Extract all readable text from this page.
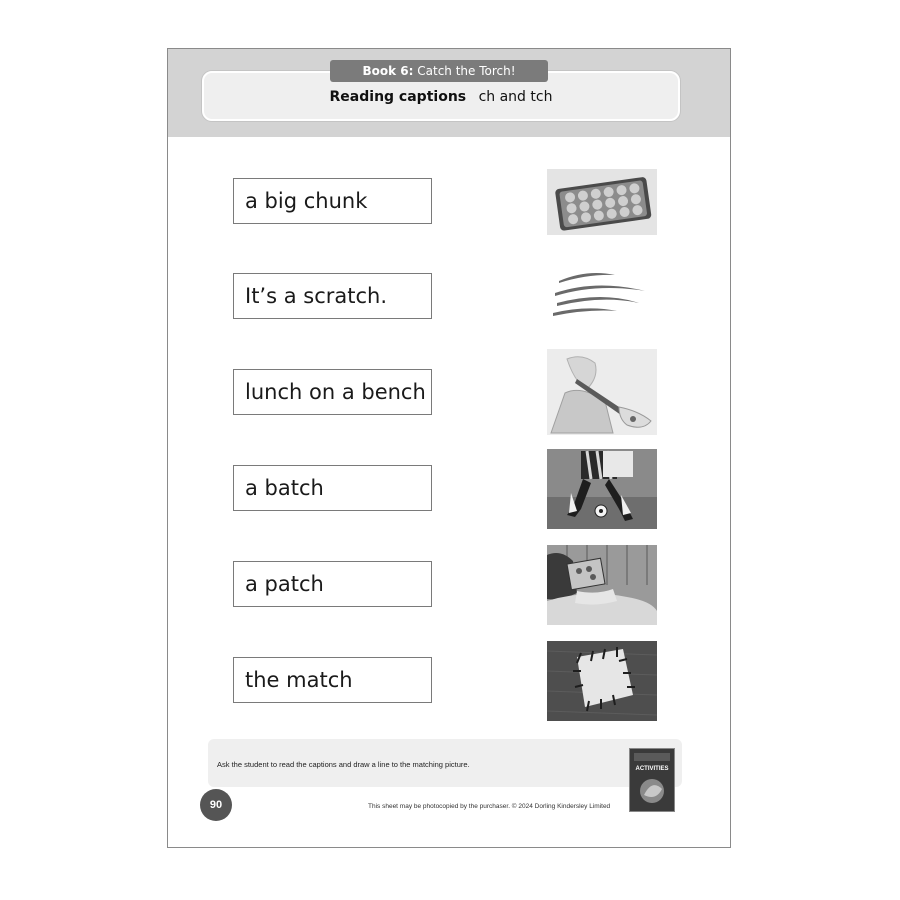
Book 6: Catch the Torch!
Reading captions ch and tch
a big chunk
It’s a scratch.
lunch on a bench
a batch
a patch
the match
Ask the student to read the captions and draw a line to the matching picture.	ACTIVITIES
90	This sheet may be photocopied by the purchaser. © 2024 Dorling Kindersley Limited
